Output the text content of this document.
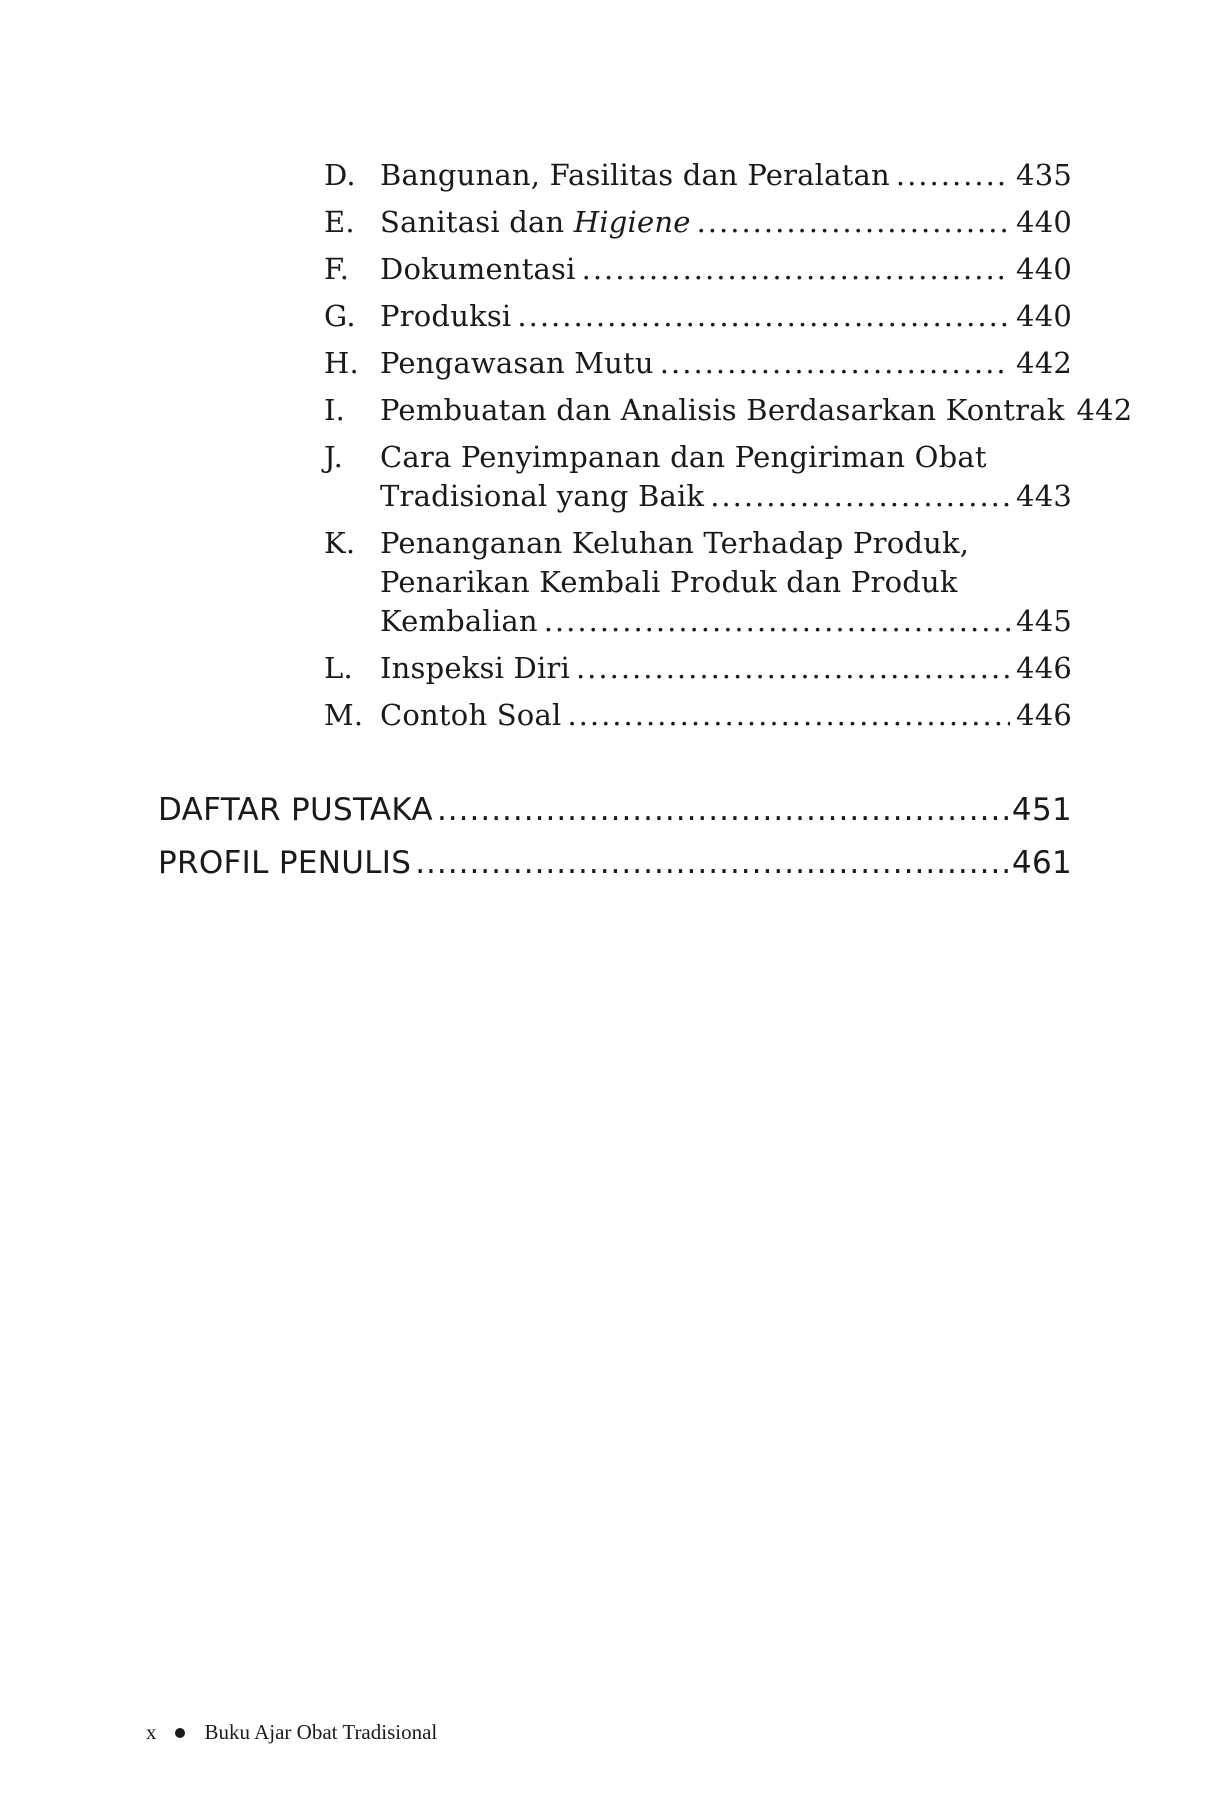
D. Bangunan, Fasilitas dan Peralatan .....	435
E. Sanitasi dan Higiene .....	440
F.	Dokumentasi .....	440
G. Produksi .....	440
H. Pengawasan Mutu .....	442
I.	Pembuatan dan Analisis Berdasarkan Kontrak 442
J.	Cara Penyimpanan dan Pengiriman Obat
Tradisional yang Baik .....	443
K. Penanganan Keluhan Terhadap Produk,
Penarikan Kembali Produk dan Produk
Kembalian .....	445
L. Inspeksi Diri .....	446
M. Contoh Soal .....	446
DAFTAR PUSTAKA .....	451
PROFIL PENULIS .....	461
x Buku Ajar Obat Tradisional
